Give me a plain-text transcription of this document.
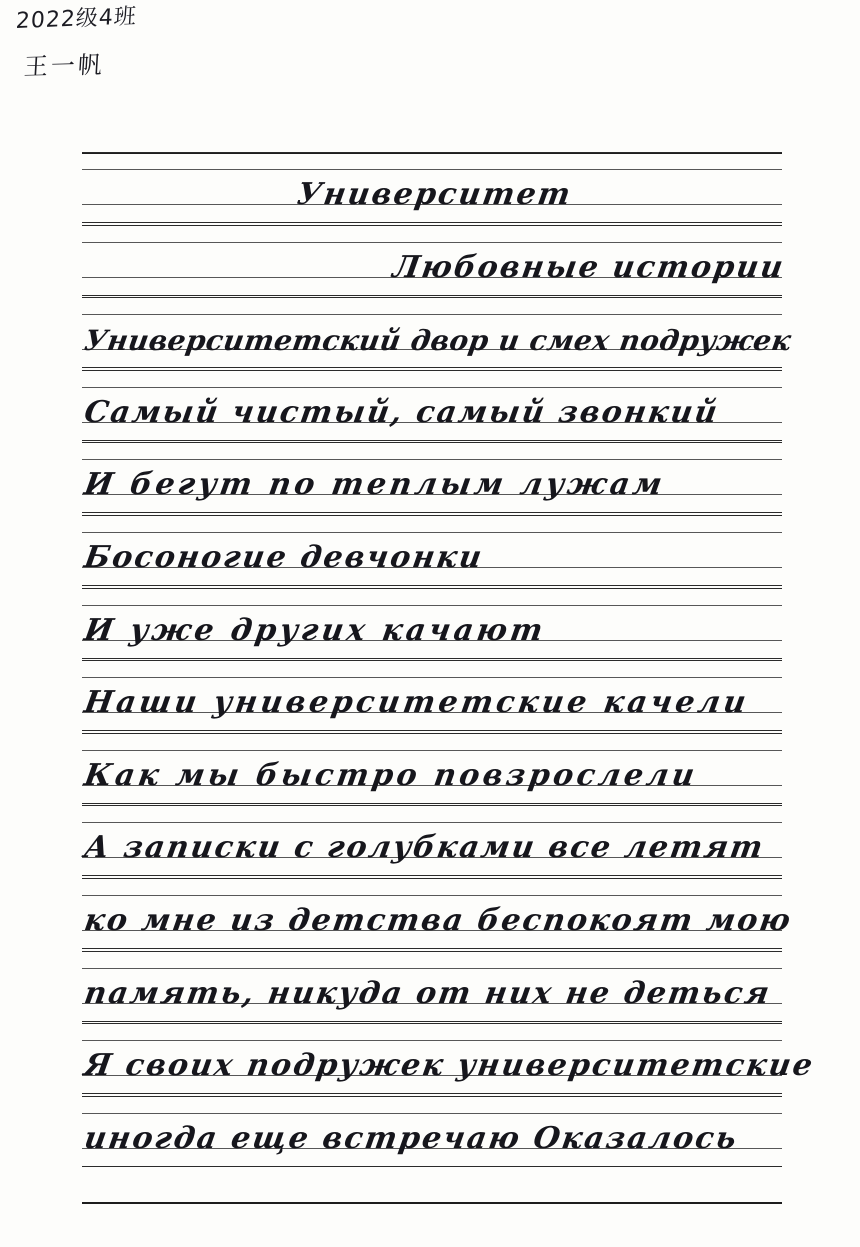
2022级4班
王一帆
Университет
Любовные истории
Университетский двор и смех подружек
Самый чистый, самый звонкий
И бегут по теплым лужам
Босоногие девчонки
И уже других качают
Наши университетские качели
Как мы быстро повзрослели
А записки с голубками все летят
ко мне из детства беспокоят мою
память, никуда от них не деться
Я своих подружек университетские
иногда еще встречаю Оказалось
